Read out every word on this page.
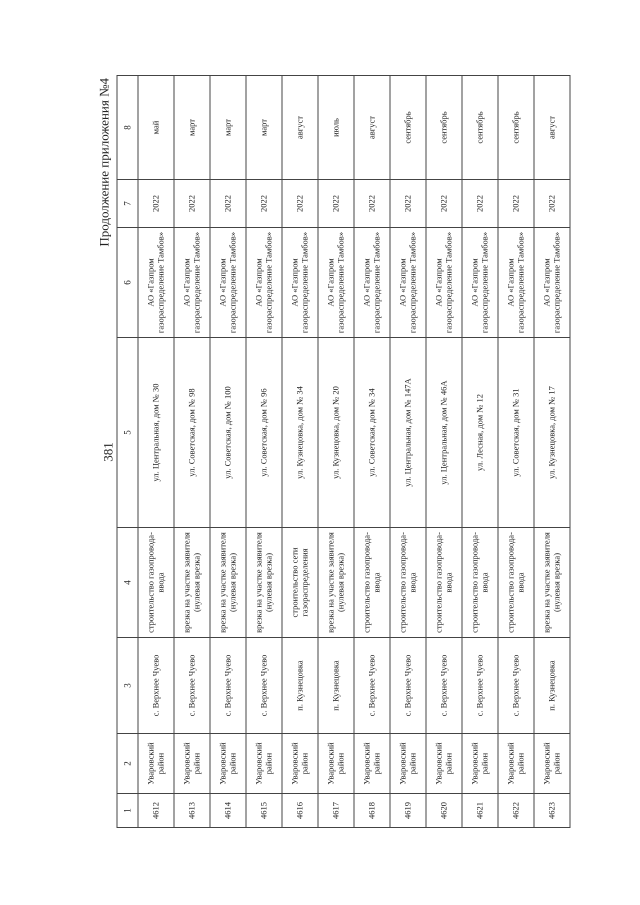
381
Продолжение приложения №4
1	2	3	4	5	6	7	8
4612	Уваровский район	с. Верхнее Чуево	строительство газопровода-ввода	ул. Центральная, дом № 30	АО «Газпром газораспределение Тамбов»	2022	май
4613	Уваровский район	с. Верхнее Чуево	врезка на участке заявителя (нулевая врезка)	ул. Советская, дом № 98	АО «Газпром газораспределение Тамбов»	2022	март
4614	Уваровский район	с. Верхнее Чуево	врезка на участке заявителя (нулевая врезка)	ул. Советская, дом № 100	АО «Газпром газораспределение Тамбов»	2022	март
4615	Уваровский район	с. Верхнее Чуево	врезка на участке заявителя (нулевая врезка)	ул. Советская, дом № 96	АО «Газпром газораспределение Тамбов»	2022	март
4616	Уваровский район	п. Кузнецовка	строительство сети газораспределения	ул. Кузнецовка, дом № 34	АО «Газпром газораспределение Тамбов»	2022	август
4617	Уваровский район	п. Кузнецовка	врезка на участке заявителя (нулевая врезка)	ул. Кузнецовка, дом № 20	АО «Газпром газораспределение Тамбов»	2022	июль
4618	Уваровский район	с. Верхнее Чуево	строительство газопровода-ввода	ул. Советская, дом № 34	АО «Газпром газораспределение Тамбов»	2022	август
4619	Уваровский район	с. Верхнее Чуево	строительство газопровода-ввода	ул. Центральная, дом № 147А	АО «Газпром газораспределение Тамбов»	2022	сентябрь
4620	Уваровский район	с. Верхнее Чуево	строительство газопровода-ввода	ул. Центральная, дом № 46А	АО «Газпром газораспределение Тамбов»	2022	сентябрь
4621	Уваровский район	с. Верхнее Чуево	строительство газопровода-ввода	ул. Лесная, дом № 12	АО «Газпром газораспределение Тамбов»	2022	сентябрь
4622	Уваровский район	с. Верхнее Чуево	строительство газопровода-ввода	ул. Советская, дом № 31	АО «Газпром газораспределение Тамбов»	2022	сентябрь
4623	Уваровский район	п. Кузнецовка	врезка на участке заявителя (нулевая врезка)	ул. Кузнецовка, дом № 17	АО «Газпром газораспределение Тамбов»	2022	август
